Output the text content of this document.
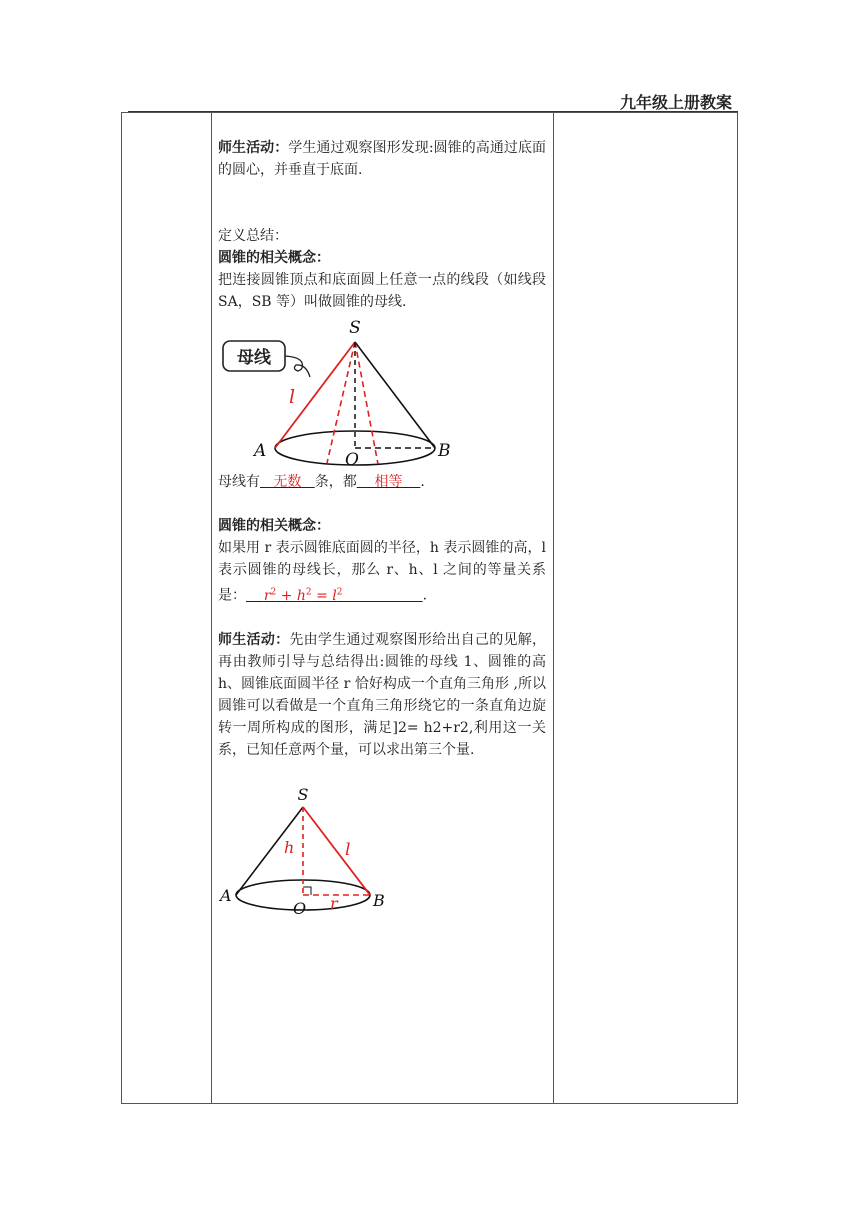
九年级上册教案

师生活动：学生通过观察图形发现:圆锥的高通过底面的圆心，并垂直于底面.

定义总结：

圆锥的相关概念：

把连接圆锥顶点和底面圆上任意一点的线段（如线段 SA，SB 等）叫做圆锥的母线.

母线
S
A	B
O
l

母线有 无数 条，都 相等 .

圆锥的相关概念：

如果用 r 表示圆锥底面圆的半径，h 表示圆锥的高，l 表示圆锥的母线长，那么 r、h、l 之间的等量关系是： $r^2 + h^2 = l^2$	.

师生活动：先由学生通过观察图形给出自己的见解，再由教师引导与总结得出:圆锥的母线 1、圆锥的高 h、圆锥底面圆半径 r 恰好构成一个直角三角形 ,所以圆锥可以看做是一个直角三角形绕它的一条直角边旋转一周所构成的图形，满足]2= h2+r2,利用这一关系，已知任意两个量，可以求出第三个量.

S
A	B
O
h	l
r
